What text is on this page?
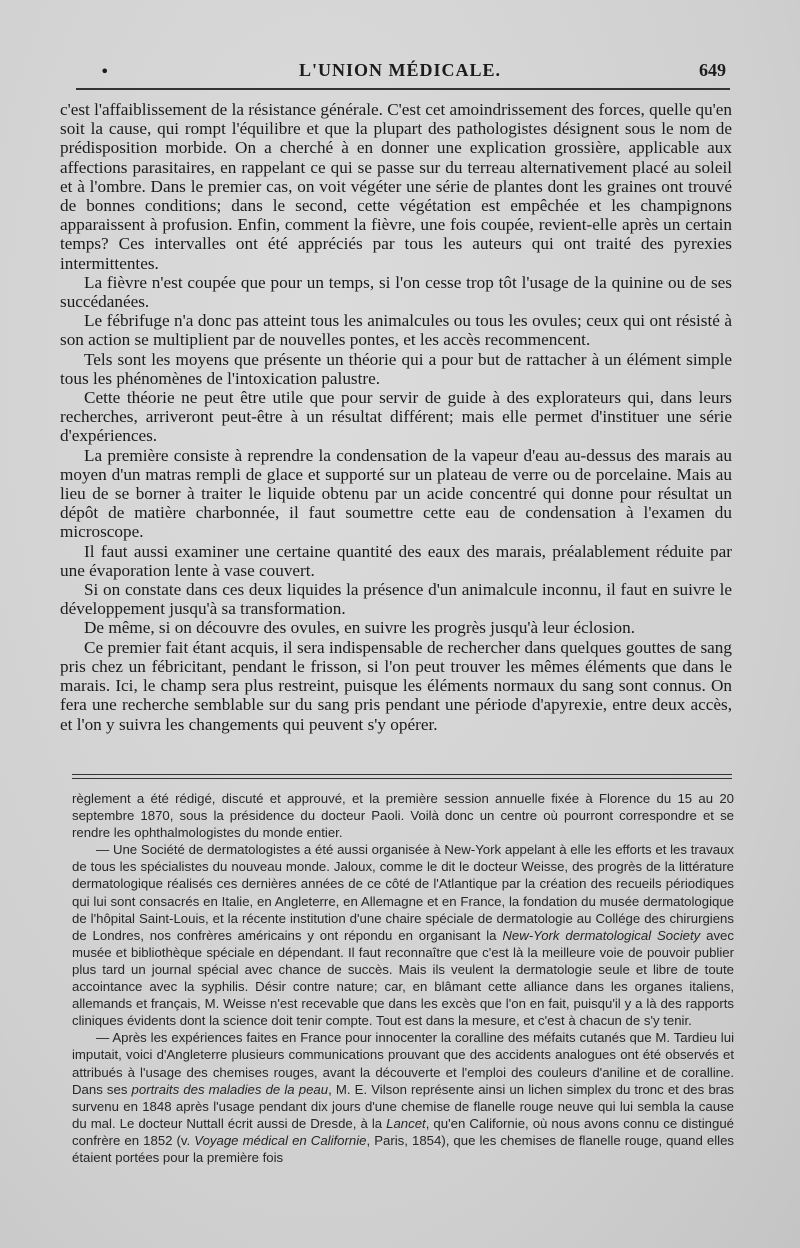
•	L'UNION MÉDICALE.	649

c'est l'affaiblissement de la résistance générale. C'est cet amoindrissement des forces, quelle qu'en soit la cause, qui rompt l'équilibre et que la plupart des pathologistes désignent sous le nom de prédisposition morbide. On a cherché à en donner une explication grossière, applicable aux affections parasitaires, en rappelant ce qui se passe sur du terreau alternativement placé au soleil et à l'ombre. Dans le premier cas, on voit végéter une série de plantes dont les graines ont trouvé de bonnes conditions; dans le second, cette végétation est empêchée et les champignons apparaissent à profusion. Enfin, comment la fièvre, une fois coupée, revient-elle après un certain temps? Ces intervalles ont été appréciés par tous les auteurs qui ont traité des pyrexies intermittentes.

La fièvre n'est coupée que pour un temps, si l'on cesse trop tôt l'usage de la quinine ou de ses succédanées.

Le fébrifuge n'a donc pas atteint tous les animalcules ou tous les ovules; ceux qui ont résisté à son action se multiplient par de nouvelles pontes, et les accès recommencent.

Tels sont les moyens que présente un théorie qui a pour but de rattacher à un élément simple tous les phénomènes de l'intoxication palustre.

Cette théorie ne peut être utile que pour servir de guide à des explorateurs qui, dans leurs recherches, arriveront peut-être à un résultat différent; mais elle permet d'instituer une série d'expériences.

La première consiste à reprendre la condensation de la vapeur d'eau au-dessus des marais au moyen d'un matras rempli de glace et supporté sur un plateau de verre ou de porcelaine. Mais au lieu de se borner à traiter le liquide obtenu par un acide concentré qui donne pour résultat un dépôt de matière charbonnée, il faut soumettre cette eau de condensation à l'examen du microscope.

Il faut aussi examiner une certaine quantité des eaux des marais, préalablement réduite par une évaporation lente à vase couvert.

Si on constate dans ces deux liquides la présence d'un animalcule inconnu, il faut en suivre le développement jusqu'à sa transformation.

De même, si on découvre des ovules, en suivre les progrès jusqu'à leur éclosion.

Ce premier fait étant acquis, il sera indispensable de rechercher dans quelques gouttes de sang pris chez un fébricitant, pendant le frisson, si l'on peut trouver les mêmes éléments que dans le marais. Ici, le champ sera plus restreint, puisque les éléments normaux du sang sont connus. On fera une recherche semblable sur du sang pris pendant une période d'apyrexie, entre deux accès, et l'on y suivra les changements qui peuvent s'y opérer.

règlement a été rédigé, discuté et approuvé, et la première session annuelle fixée à Florence du 15 au 20 septembre 1870, sous la présidence du docteur Paoli. Voilà donc un centre où pourront correspondre et se rendre les ophthalmologistes du monde entier.

— Une Société de dermatologistes a été aussi organisée à New-York appelant à elle les efforts et les travaux de tous les spécialistes du nouveau monde. Jaloux, comme le dit le docteur Weisse, des progrès de la littérature dermatologique réalisés ces dernières années de ce côté de l'Atlantique par la création des recueils périodiques qui lui sont consacrés en Italie, en Angleterre, en Allemagne et en France, la fondation du musée dermatologique de l'hôpital Saint-Louis, et la récente institution d'une chaire spéciale de dermatologie au Collége des chirurgiens de Londres, nos confrères américains y ont répondu en organisant la New-York dermatological Society avec musée et bibliothèque spéciale en dépendant. Il faut reconnaître que c'est là la meilleure voie de pouvoir publier plus tard un journal spécial avec chance de succès. Mais ils veulent la dermatologie seule et libre de toute accointance avec la syphilis. Désir contre nature; car, en blâmant cette alliance dans les organes italiens, allemands et français, M. Weisse n'est recevable que dans les excès que l'on en fait, puisqu'il y a là des rapports cliniques évidents dont la science doit tenir compte. Tout est dans la mesure, et c'est à chacun de s'y tenir.

— Après les expériences faites en France pour innocenter la coralline des méfaits cutanés que M. Tardieu lui imputait, voici d'Angleterre plusieurs communications prouvant que des accidents analogues ont été observés et attribués à l'usage des chemises rouges, avant la découverte et l'emploi des couleurs d'aniline et de coralline. Dans ses portraits des maladies de la peau, M. E. Vilson représente ainsi un lichen simplex du tronc et des bras survenu en 1848 après l'usage pendant dix jours d'une chemise de flanelle rouge neuve qui lui sembla la cause du mal. Le docteur Nuttall écrit aussi de Dresde, à la Lancet, qu'en Californie, où nous avons connu ce distingué confrère en 1852 (v. Voyage médical en Californie, Paris, 1854), que les chemises de flanelle rouge, quand elles étaient portées pour la première fois
